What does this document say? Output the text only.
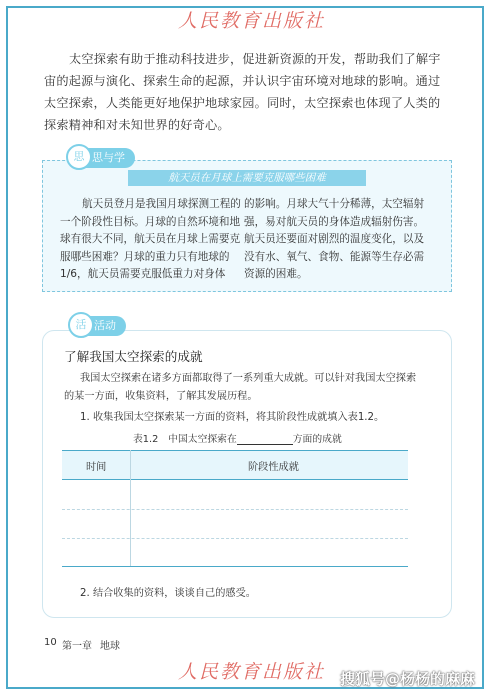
人民教育出版社

太空探索有助于推动科技进步，促进新资源的开发，帮助我们了解宇宙的起源与演化、探索生命的起源，并认识宇宙环境对地球的影响。通过太空探索，人类能更好地保护地球家园。同时，太空探索也体现了人类的探索精神和对未知世界的好奇心。

思 思与学
航天员在月球上需要克服哪些困难

航天员登月是我国月球探测工程的一个阶段性目标。月球的自然环境和地球有很大不同，航天员在月球上需要克服哪些困难？月球的重力只有地球的1/6，航天员需要克服低重力对身体

的影响。月球大气十分稀薄，太空辐射强，易对航天员的身体造成辐射伤害。航天员还要面对剧烈的温度变化，以及没有水、氧气、食物、能源等生存必需资源的困难。

活 活动
了解我国太空探索的成就

我国太空探索在诸多方面都取得了一系列重大成就。可以针对我国太空探索的某一方面，收集资料，了解其发展历程。

1. 收集我国太空探索某一方面的资料，将其阶段性成就填入表1.2。
表1.2　中国太空探索在	方面的成就
时间	阶段性成就
2. 结合收集的资料，谈谈自己的感受。
10 第一章 地球
人民教育出版社 搜狐号@杨杨的麻麻
